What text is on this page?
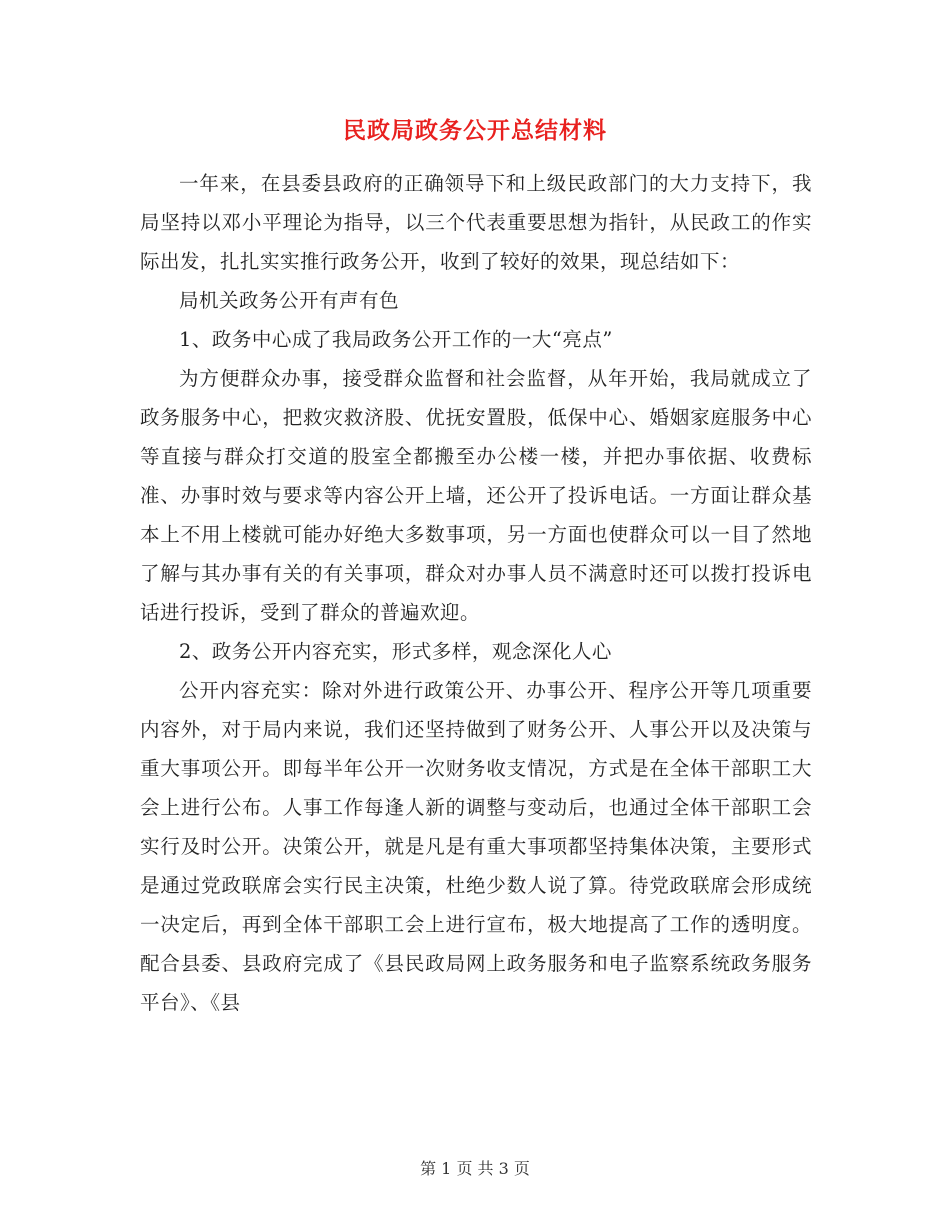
民政局政务公开总结材料

一年来，在县委县政府的正确领导下和上级民政部门的大力支持下，我局坚持以邓小平理论为指导，以三个代表重要思想为指针，从民政工的作实际出发，扎扎实实推行政务公开，收到了较好的效果，现总结如下：

局机关政务公开有声有色

1、政务中心成了我局政务公开工作的一大“亮点”

为方便群众办事，接受群众监督和社会监督，从年开始，我局就成立了政务服务中心，把救灾救济股、优抚安置股，低保中心、婚姻家庭服务中心等直接与群众打交道的股室全都搬至办公楼一楼，并把办事依据、收费标准、办事时效与要求等内容公开上墙，还公开了投诉电话。一方面让群众基本上不用上楼就可能办好绝大多数事项，另一方面也使群众可以一目了然地了解与其办事有关的有关事项，群众对办事人员不满意时还可以拨打投诉电话进行投诉，受到了群众的普遍欢迎。

2、政务公开内容充实，形式多样，观念深化人心

公开内容充实：除对外进行政策公开、办事公开、程序公开等几项重要内容外，对于局内来说，我们还坚持做到了财务公开、人事公开以及决策与重大事项公开。即每半年公开一次财务收支情况，方式是在全体干部职工大会上进行公布。人事工作每逢人新的调整与变动后，也通过全体干部职工会实行及时公开。决策公开，就是凡是有重大事项都坚持集体决策，主要形式是通过党政联席会实行民主决策，杜绝少数人说了算。待党政联席会形成统一决定后，再到全体干部职工会上进行宣布，极大地提高了工作的透明度。配合县委、县政府完成了《县民政局网上政务服务和电子监察系统政务服务平台》、《县

第 1 页 共 3 页
